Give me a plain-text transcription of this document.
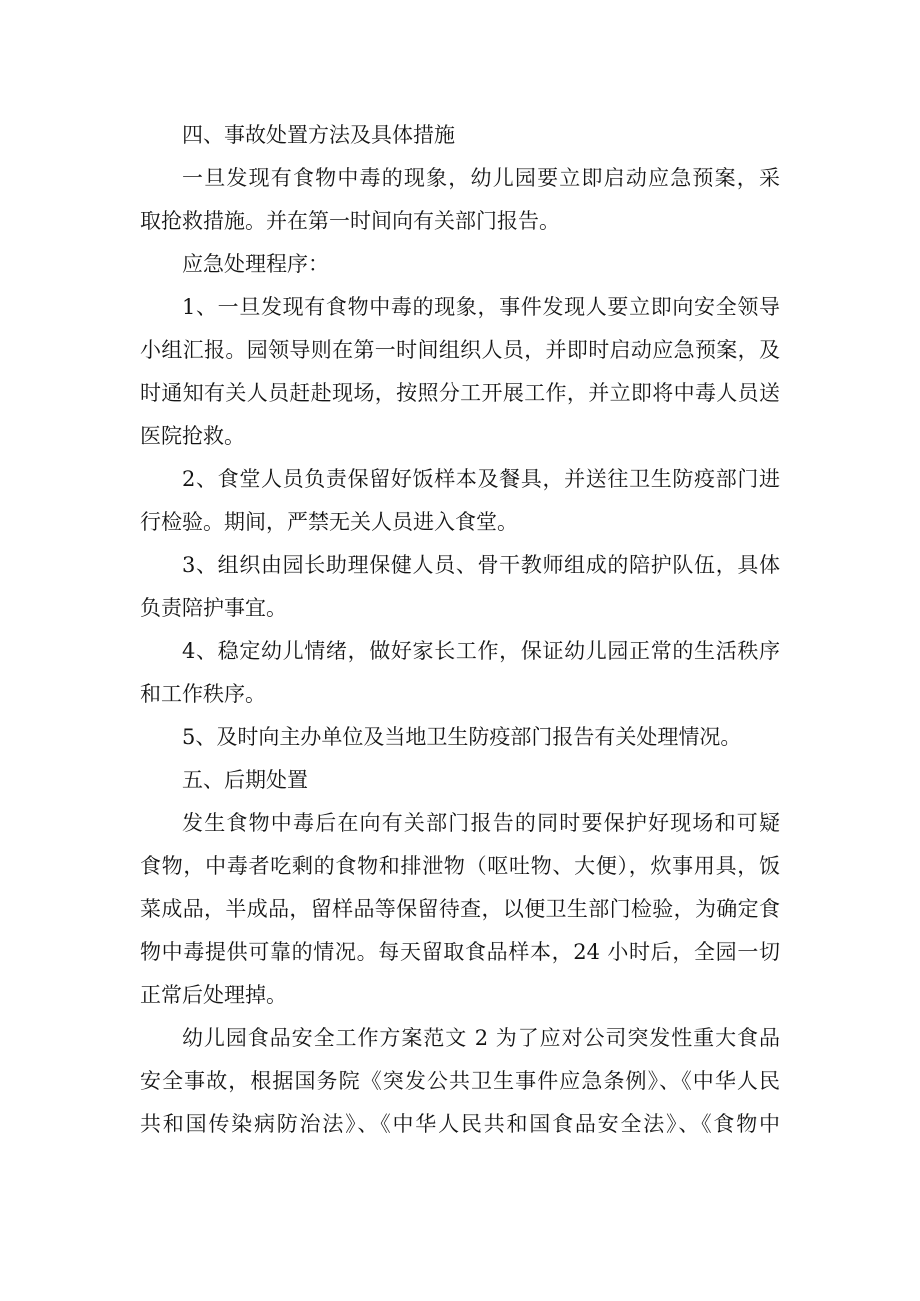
四、事故处置方法及具体措施
一旦发现有食物中毒的现象，幼儿园要立即启动应急预案，采
取抢救措施。并在第一时间向有关部门报告。
应急处理程序：
1、一旦发现有食物中毒的现象，事件发现人要立即向安全领导
小组汇报。园领导则在第一时间组织人员，并即时启动应急预案，及
时通知有关人员赶赴现场，按照分工开展工作，并立即将中毒人员送
医院抢救。
2、食堂人员负责保留好饭样本及餐具，并送往卫生防疫部门进
行检验。期间，严禁无关人员进入食堂。
3、组织由园长助理保健人员、骨干教师组成的陪护队伍，具体
负责陪护事宜。
4、稳定幼儿情绪，做好家长工作，保证幼儿园正常的生活秩序
和工作秩序。
5、及时向主办单位及当地卫生防疫部门报告有关处理情况。
五、后期处置
发生食物中毒后在向有关部门报告的同时要保护好现场和可疑
食物，中毒者吃剩的食物和排泄物（呕吐物、大便），炊事用具，饭
菜成品，半成品，留样品等保留待查，以便卫生部门检验，为确定食
物中毒提供可靠的情况。每天留取食品样本，24 小时后，全园一切
正常后处理掉。
幼儿园食品安全工作方案范文 2 为了应对公司突发性重大食品
安全事故，根据国务院《突发公共卫生事件应急条例》、《中华人民
共和国传染病防治法》、《中华人民共和国食品安全法》、《食物中
